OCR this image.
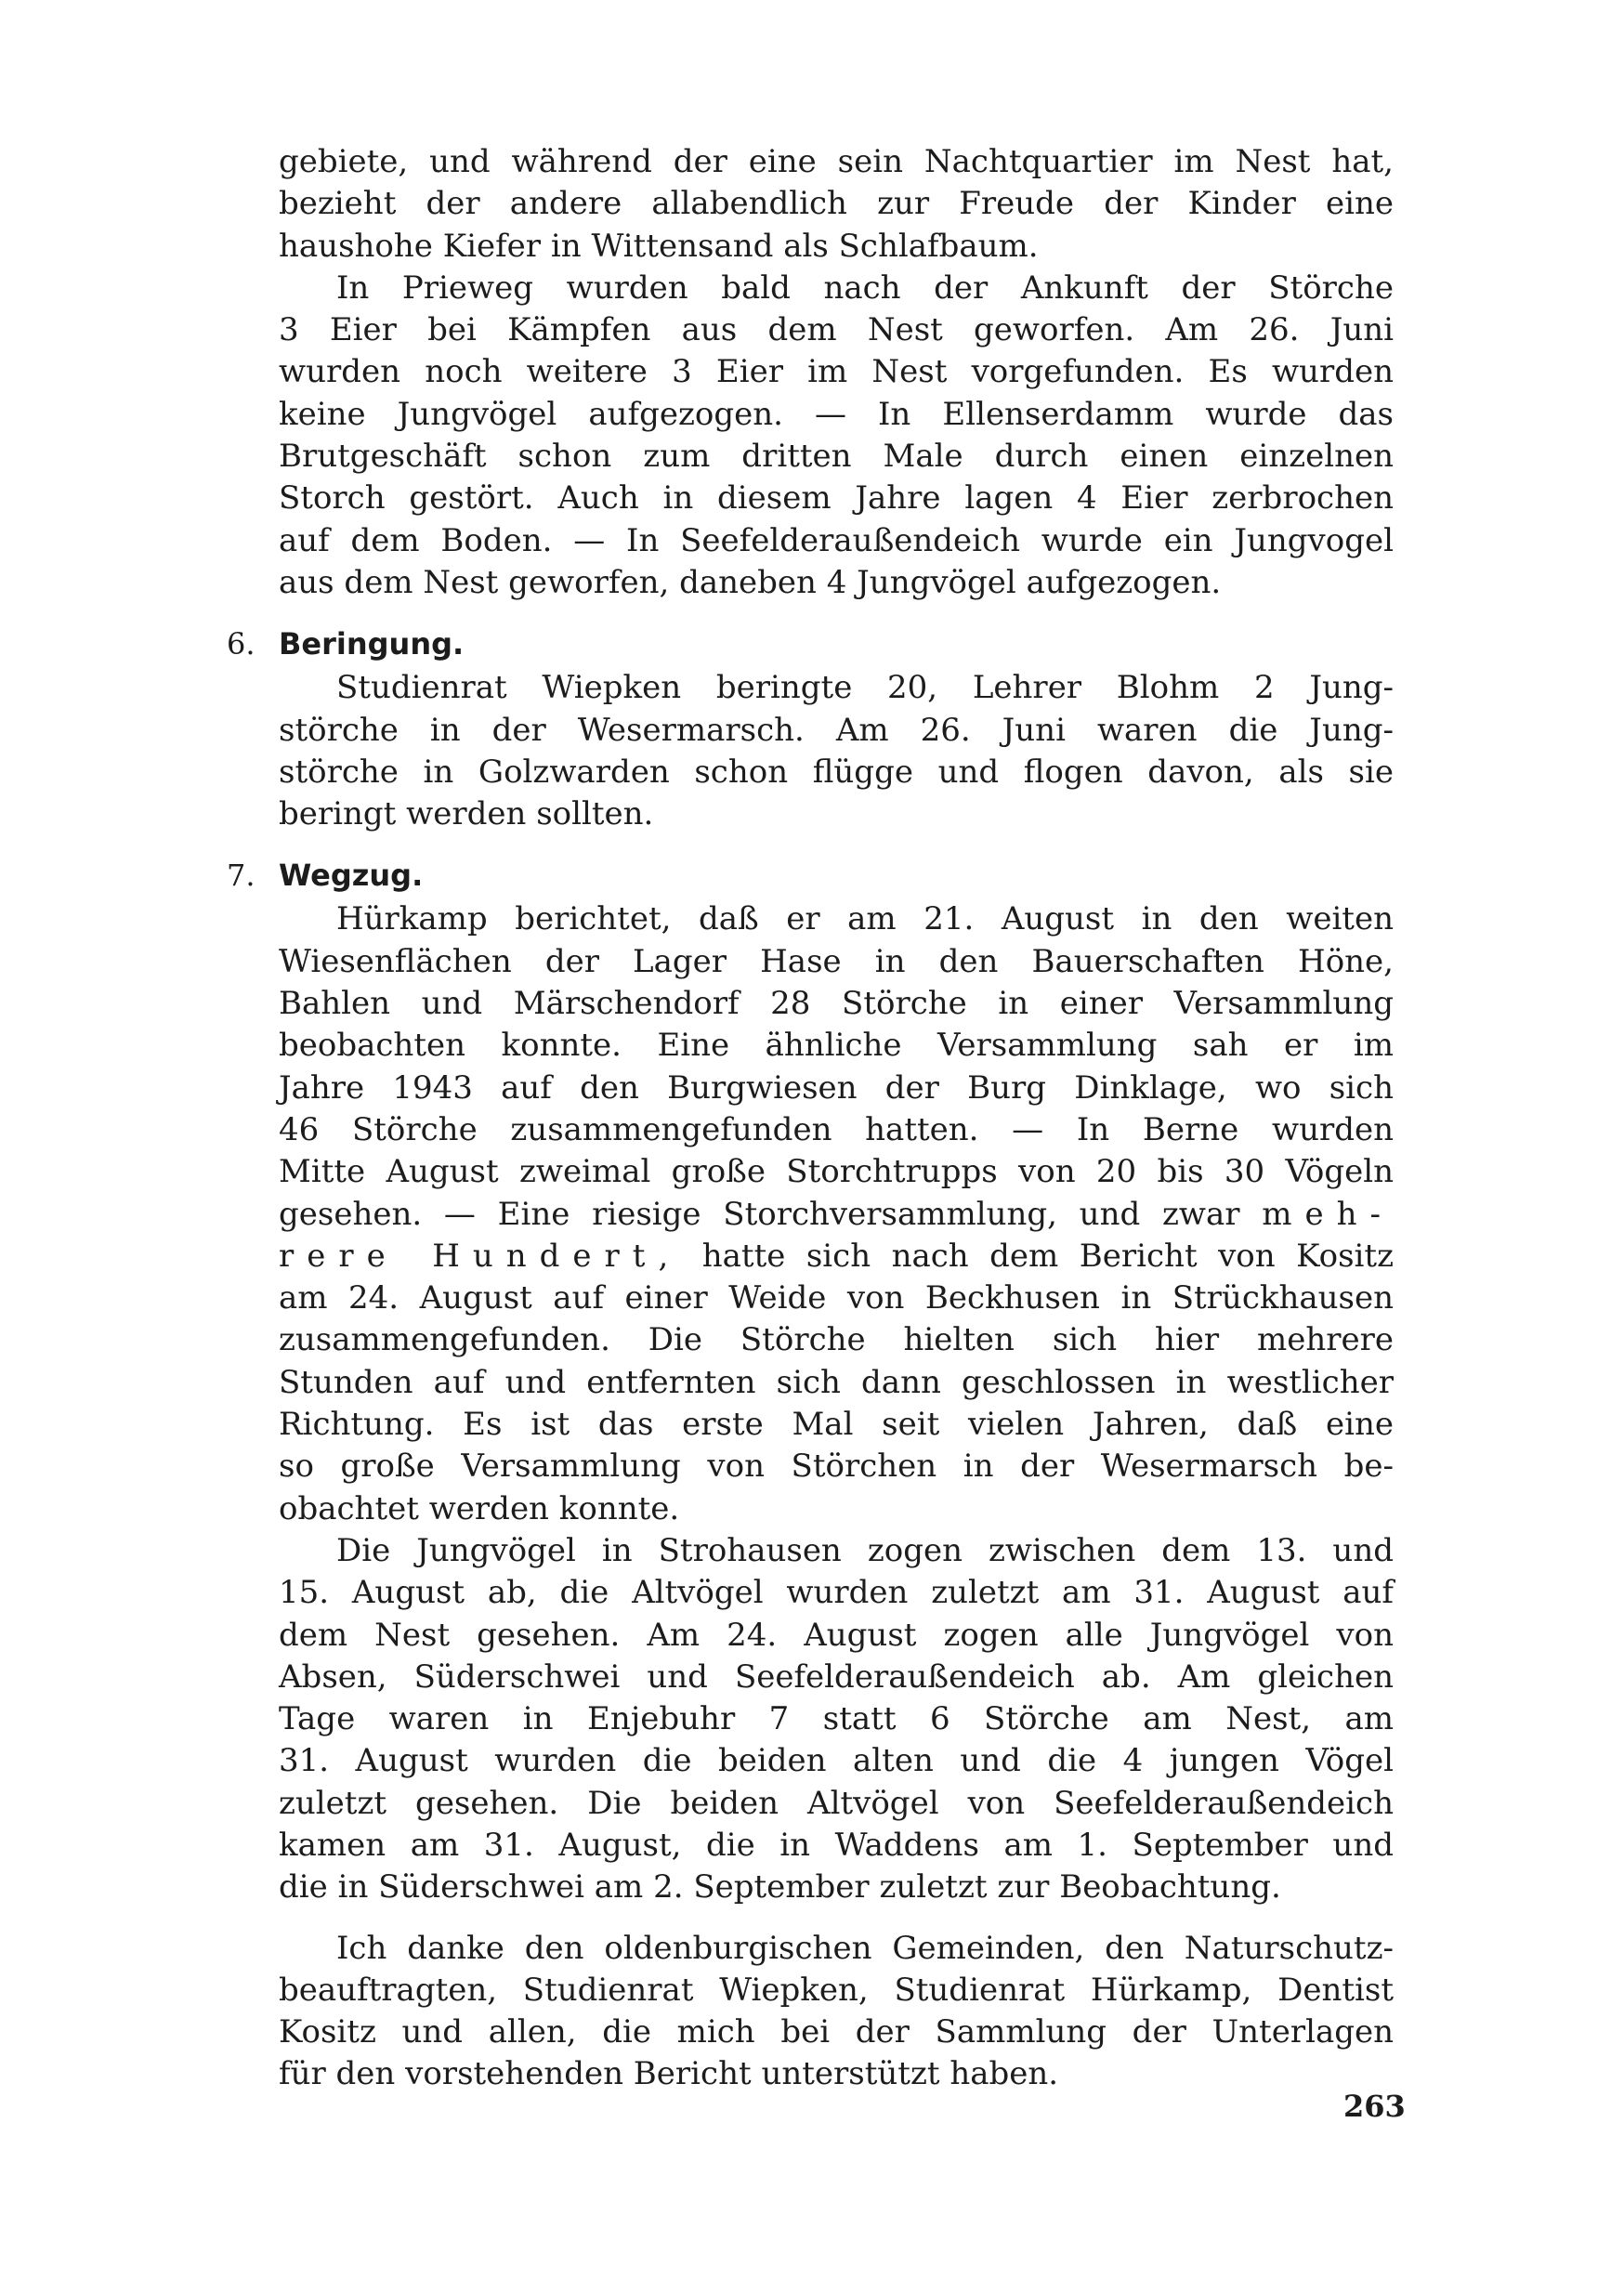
gebiete, und während der eine sein Nachtquartier im Nest hat,
bezieht der andere allabendlich zur Freude der Kinder eine
haushohe Kiefer in Wittensand als Schlafbaum.

In Prieweg wurden bald nach der Ankunft der Störche
3 Eier bei Kämpfen aus dem Nest geworfen. Am 26. Juni
wurden noch weitere 3 Eier im Nest vorgefunden. Es wurden
keine Jungvögel aufgezogen. — In Ellenserdamm wurde das
Brutgeschäft schon zum dritten Male durch einen einzelnen
Storch gestört. Auch in diesem Jahre lagen 4 Eier zerbrochen
auf dem Boden. — In Seefelderaußendeich wurde ein Jungvogel
aus dem Nest geworfen, daneben 4 Jungvögel aufgezogen.

6. Beringung.

Studienrat Wiepken beringte 20, Lehrer Blohm 2 Jung-
störche in der Wesermarsch. Am 26. Juni waren die Jung-
störche in Golzwarden schon flügge und flogen davon, als sie
beringt werden sollten.

7. Wegzug.

Hürkamp berichtet, daß er am 21. August in den weiten
Wiesenflächen der Lager Hase in den Bauerschaften Höne,
Bahlen und Märschendorf 28 Störche in einer Versammlung
beobachten konnte. Eine ähnliche Versammlung sah er im
Jahre 1943 auf den Burgwiesen der Burg Dinklage, wo sich
46 Störche zusammengefunden hatten. — In Berne wurden
Mitte August zweimal große Storchtrupps von 20 bis 30 Vögeln
gesehen. — Eine riesige Storchversammlung, und zwar meh-
rere Hundert, hatte sich nach dem Bericht von Kositz
am 24. August auf einer Weide von Beckhusen in Strückhausen
zusammengefunden. Die Störche hielten sich hier mehrere
Stunden auf und entfernten sich dann geschlossen in westlicher
Richtung. Es ist das erste Mal seit vielen Jahren, daß eine
so große Versammlung von Störchen in der Wesermarsch be-
obachtet werden konnte.

Die Jungvögel in Strohausen zogen zwischen dem 13. und
15. August ab, die Altvögel wurden zuletzt am 31. August auf
dem Nest gesehen. Am 24. August zogen alle Jungvögel von
Absen, Süderschwei und Seefelderaußendeich ab. Am gleichen
Tage waren in Enjebuhr 7 statt 6 Störche am Nest, am
31. August wurden die beiden alten und die 4 jungen Vögel
zuletzt gesehen. Die beiden Altvögel von Seefelderaußendeich
kamen am 31. August, die in Waddens am 1. September und
die in Süderschwei am 2. September zuletzt zur Beobachtung.

Ich danke den oldenburgischen Gemeinden, den Naturschutz-
beauftragten, Studienrat Wiepken, Studienrat Hürkamp, Dentist
Kositz und allen, die mich bei der Sammlung der Unterlagen
für den vorstehenden Bericht unterstützt haben.

263
